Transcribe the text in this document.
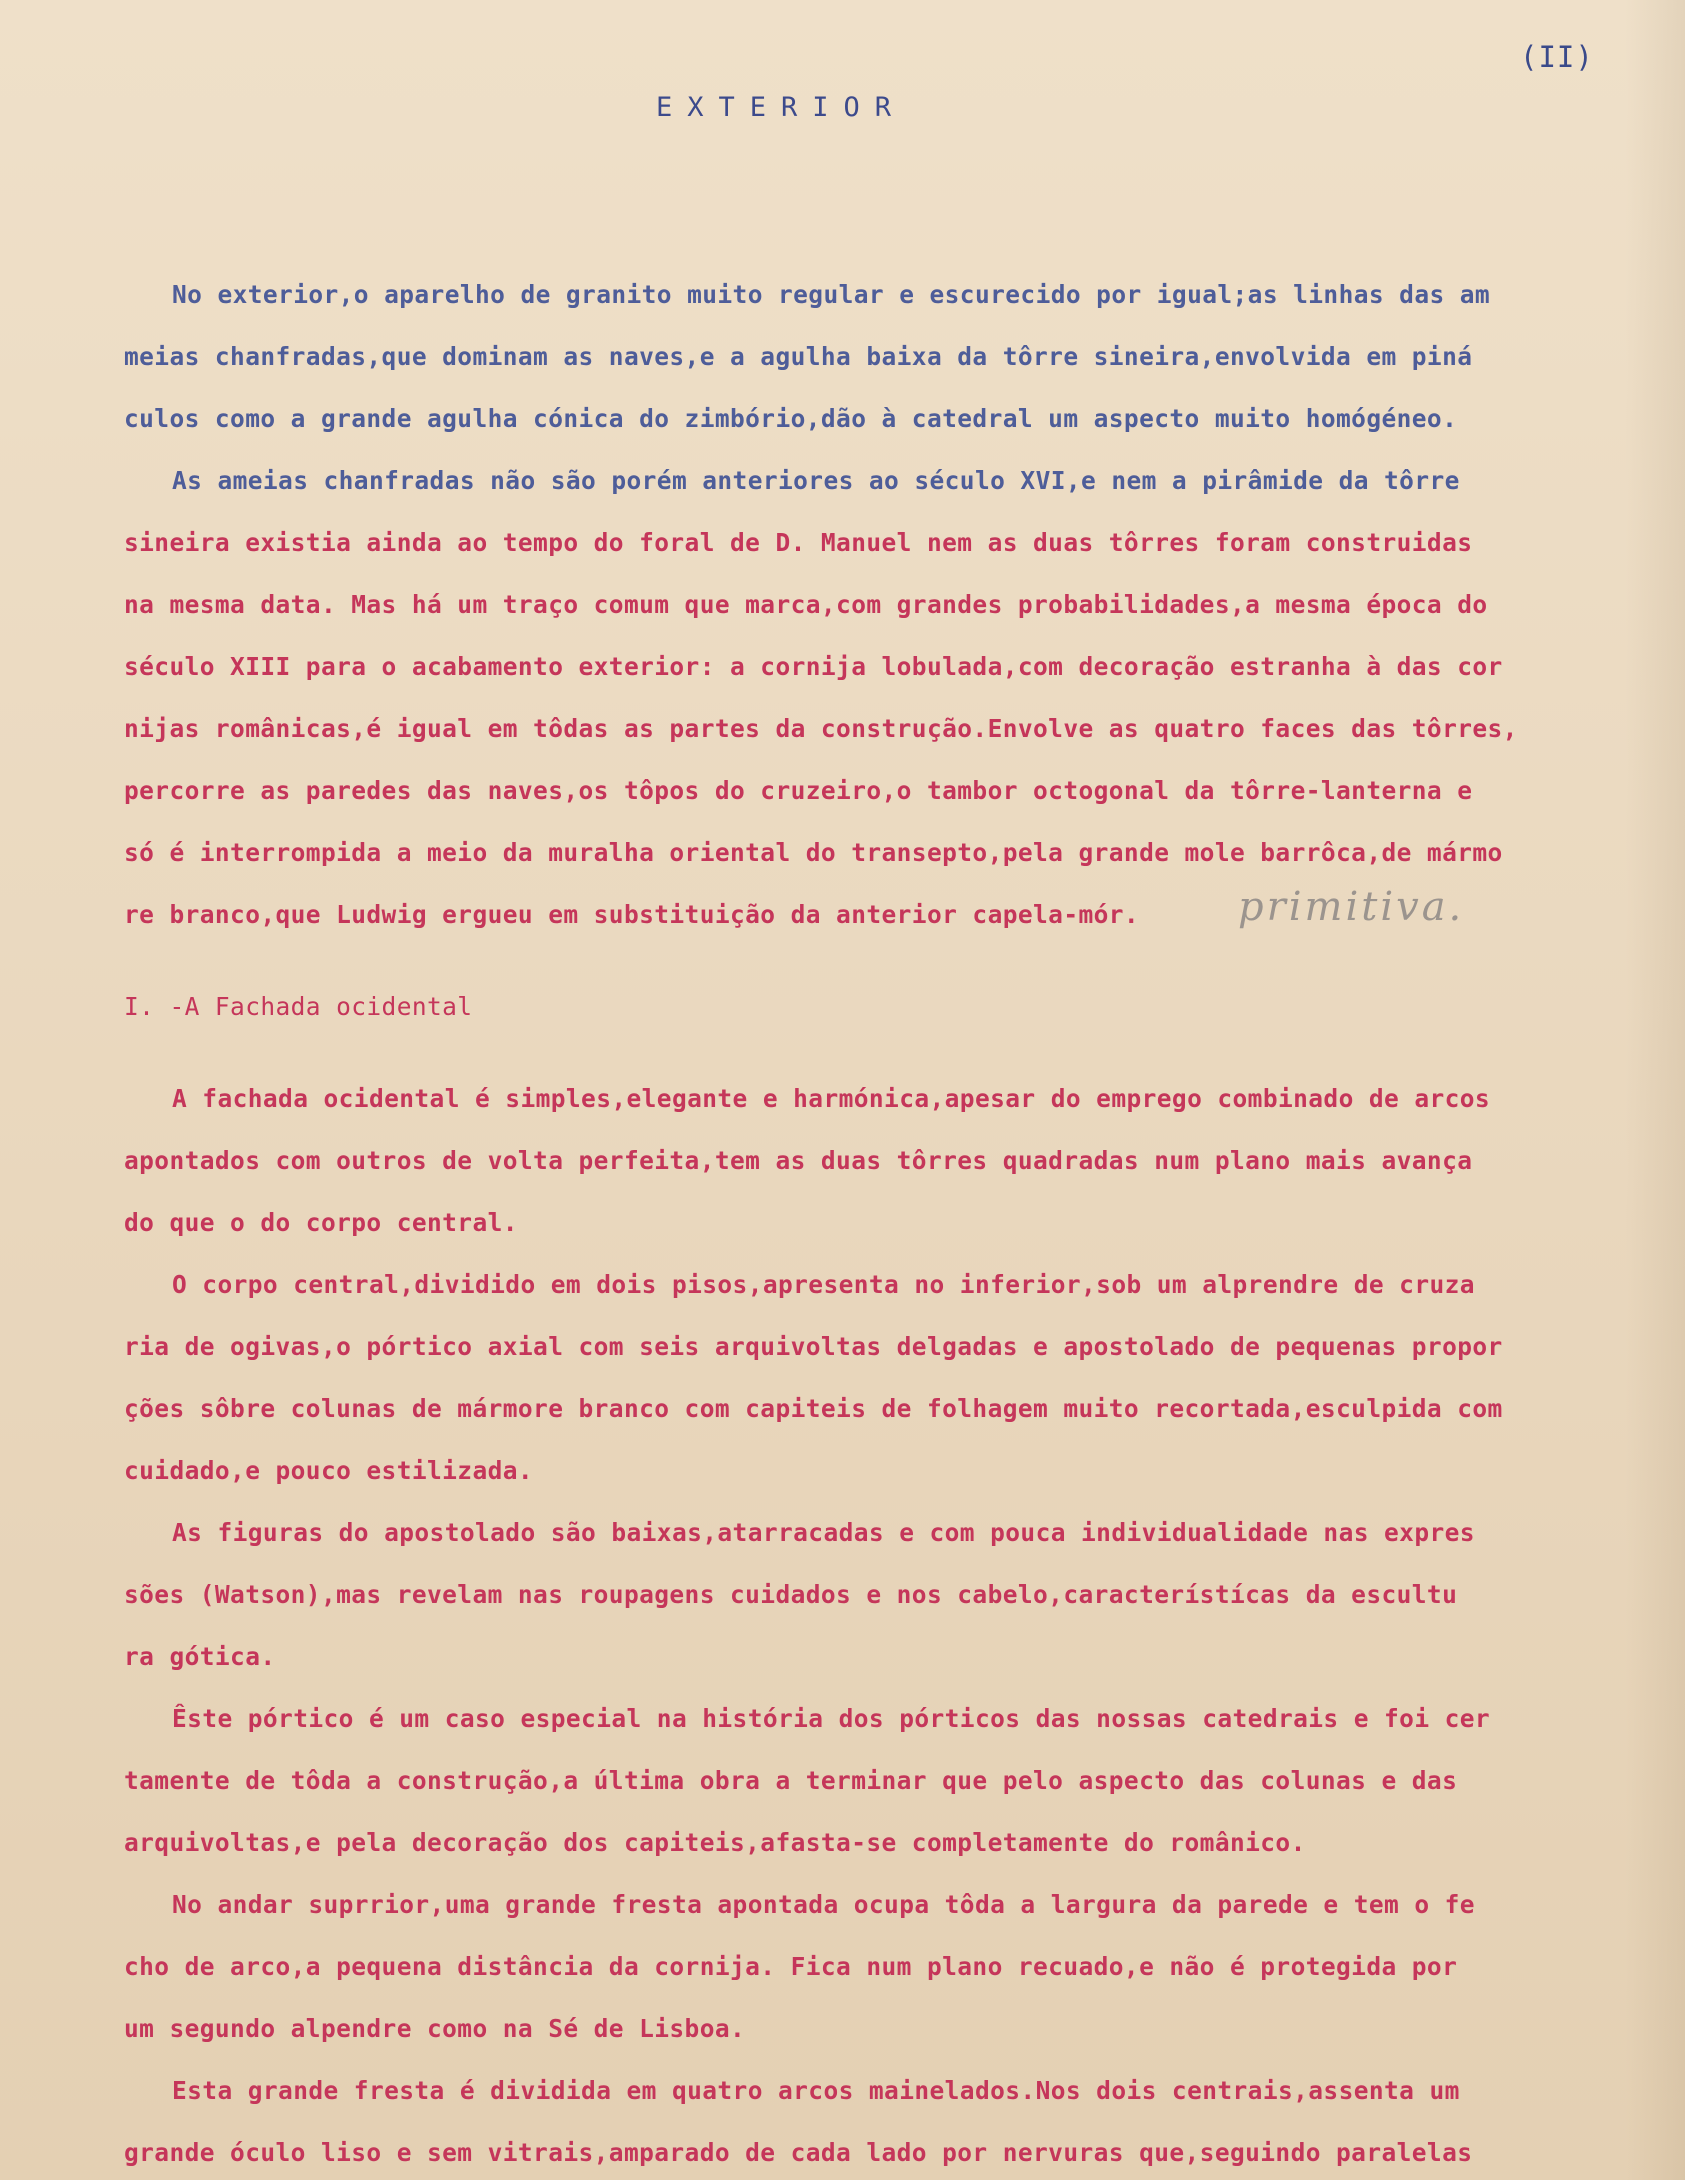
(II)
EXTERIOR

No exterior,o aparelho de granito muito regular e escurecido por igual;as linhas das am

meias chanfradas,que dominam as naves,e a agulha baixa da tôrre sineira,envolvida em piná

culos como a grande agulha cónica do zimbório,dão à catedral um aspecto muito homógéneo.

As ameias chanfradas não são porém anteriores ao século XVI,e nem a pirâmide da tôrre

sineira existia ainda ao tempo do foral de D. Manuel nem as duas tôrres foram construidas

na mesma data. Mas há um traço comum que marca,com grandes probabilidades,a mesma época do

século XIII para o acabamento exterior: a cornija lobulada,com decoração estranha à das cor

nijas românicas,é igual em tôdas as partes da construção.Envolve as quatro faces das tôrres,

percorre as paredes das naves,os tôpos do cruzeiro,o tambor octogonal da tôrre-lanterna e

só é interrompida a meio da muralha oriental do transepto,pela grande mole barrôca,de mármo

re branco,que Ludwig ergueu em substituição da anterior capela-mór.

I. -A Fachada ocidental

A fachada ocidental é simples,elegante e harmónica,apesar do emprego combinado de arcos

apontados com outros de volta perfeita,tem as duas tôrres quadradas num plano mais avança

do que o do corpo central.

O corpo central,dividido em dois pisos,apresenta no inferior,sob um alprendre de cruza

ria de ogivas,o pórtico axial com seis arquivoltas delgadas e apostolado de pequenas propor

ções sôbre colunas de mármore branco com capiteis de folhagem muito recortada,esculpida com

cuidado,e pouco estilizada.

As figuras do apostolado são baixas,atarracadas e com pouca individualidade nas expres

sões (Watson),mas revelam nas roupagens cuidados e nos cabelo,característícas da escultu

ra gótica.

Êste pórtico é um caso especial na história dos pórticos das nossas catedrais e foi cer

tamente de tôda a construção,a última obra a terminar que pelo aspecto das colunas e das

arquivoltas,e pela decoração dos capiteis,afasta-se completamente do românico.

No andar suprrior,uma grande fresta apontada ocupa tôda a largura da parede e tem o fe

cho de arco,a pequena distância da cornija. Fica num plano recuado,e não é protegida por

um segundo alpendre como na Sé de Lisboa.

Esta grande fresta é dividida em quatro arcos mainelados.Nos dois centrais,assenta um

grande óculo liso e sem vitrais,amparado de cada lado por nervuras que,seguindo paralelas

primitiva.
